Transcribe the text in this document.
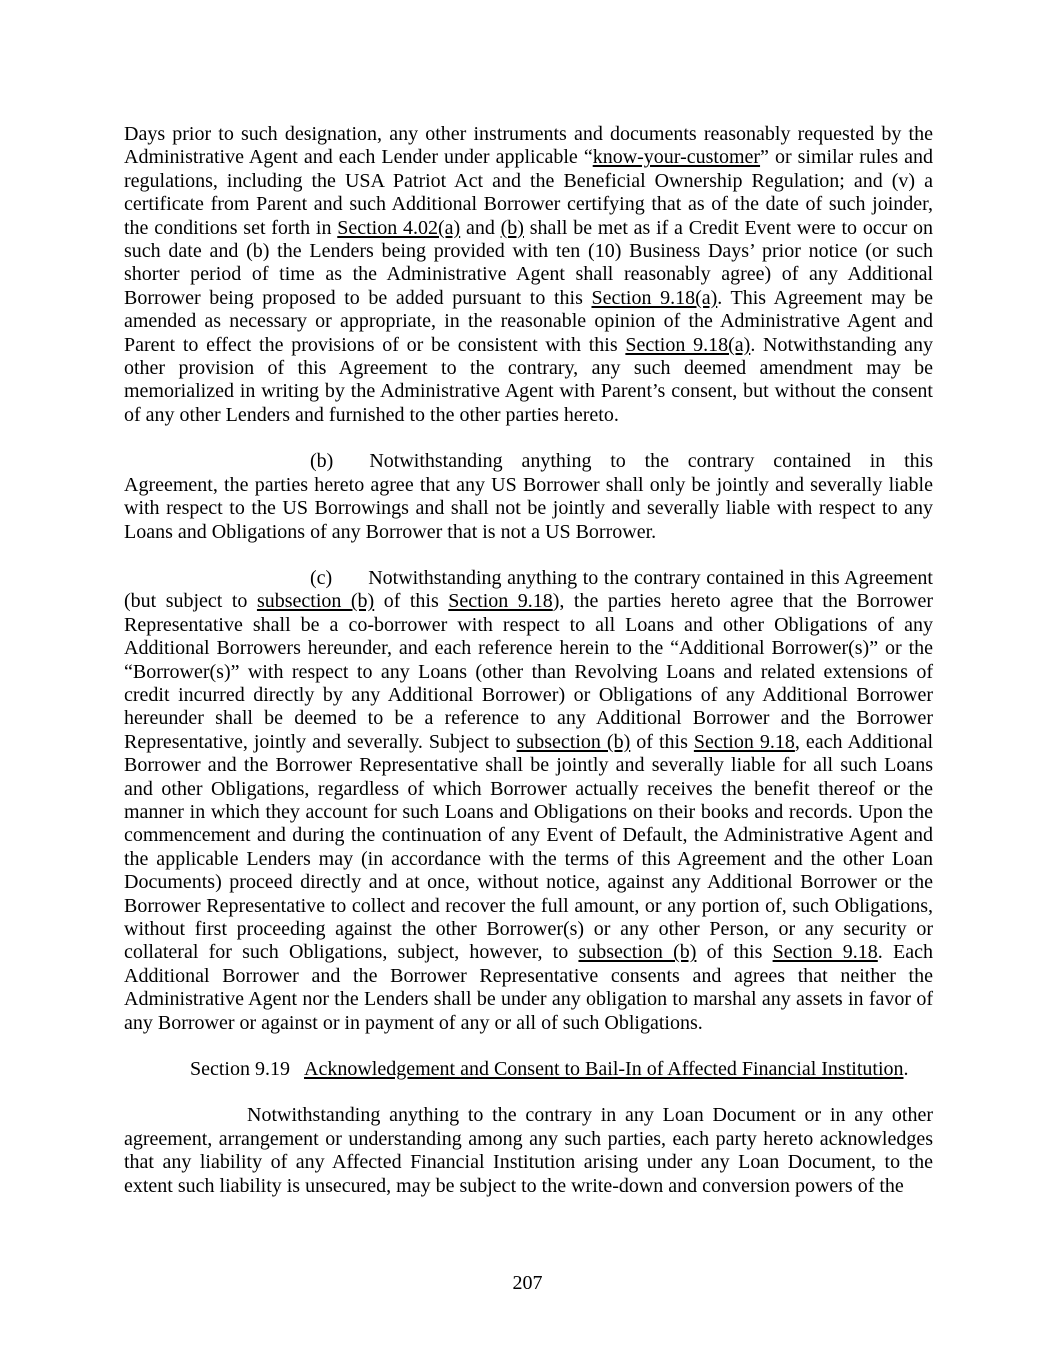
Days prior to such designation, any other instruments and documents reasonably requested by the Administrative Agent and each Lender under applicable “know-your-customer” or similar rules and regulations, including the USA Patriot Act and the Beneficial Ownership Regulation; and (v) a certificate from Parent and such Additional Borrower certifying that as of the date of such joinder, the conditions set forth in Section 4.02(a) and (b) shall be met as if a Credit Event were to occur on such date and (b) the Lenders being provided with ten (10) Business Days’ prior notice (or such shorter period of time as the Administrative Agent shall reasonably agree) of any Additional Borrower being proposed to be added pursuant to this Section 9.18(a). This Agreement may be amended as necessary or appropriate, in the reasonable opinion of the Administrative Agent and Parent to effect the provisions of or be consistent with this Section 9.18(a). Notwithstanding any other provision of this Agreement to the contrary, any such deemed amendment may be memorialized in writing by the Administrative Agent with Parent’s consent, but without the consent of any other Lenders and furnished to the other parties hereto.

(b) Notwithstanding anything to the contrary contained in this Agreement, the parties hereto agree that any US Borrower shall only be jointly and severally liable with respect to the US Borrowings and shall not be jointly and severally liable with respect to any Loans and Obligations of any Borrower that is not a US Borrower.

(c) Notwithstanding anything to the contrary contained in this Agreement (but subject to subsection (b) of this Section 9.18), the parties hereto agree that the Borrower Representative shall be a co-borrower with respect to all Loans and other Obligations of any Additional Borrowers hereunder, and each reference herein to the “Additional Borrower(s)” or the “Borrower(s)” with respect to any Loans (other than Revolving Loans and related extensions of credit incurred directly by any Additional Borrower) or Obligations of any Additional Borrower hereunder shall be deemed to be a reference to any Additional Borrower and the Borrower Representative, jointly and severally. Subject to subsection (b) of this Section 9.18, each Additional Borrower and the Borrower Representative shall be jointly and severally liable for all such Loans and other Obligations, regardless of which Borrower actually receives the benefit thereof or the manner in which they account for such Loans and Obligations on their books and records. Upon the commencement and during the continuation of any Event of Default, the Administrative Agent and the applicable Lenders may (in accordance with the terms of this Agreement and the other Loan Documents) proceed directly and at once, without notice, against any Additional Borrower or the Borrower Representative to collect and recover the full amount, or any portion of, such Obligations, without first proceeding against the other Borrower(s) or any other Person, or any security or collateral for such Obligations, subject, however, to subsection (b) of this Section 9.18. Each Additional Borrower and the Borrower Representative consents and agrees that neither the Administrative Agent nor the Lenders shall be under any obligation to marshal any assets in favor of any Borrower or against or in payment of any or all of such Obligations.

Section 9.19 Acknowledgement and Consent to Bail-In of Affected Financial Institution.

Notwithstanding anything to the contrary in any Loan Document or in any other agreement, arrangement or understanding among any such parties, each party hereto acknowledges that any liability of any Affected Financial Institution arising under any Loan Document, to the extent such liability is unsecured, may be subject to the write-down and conversion powers of the

207
